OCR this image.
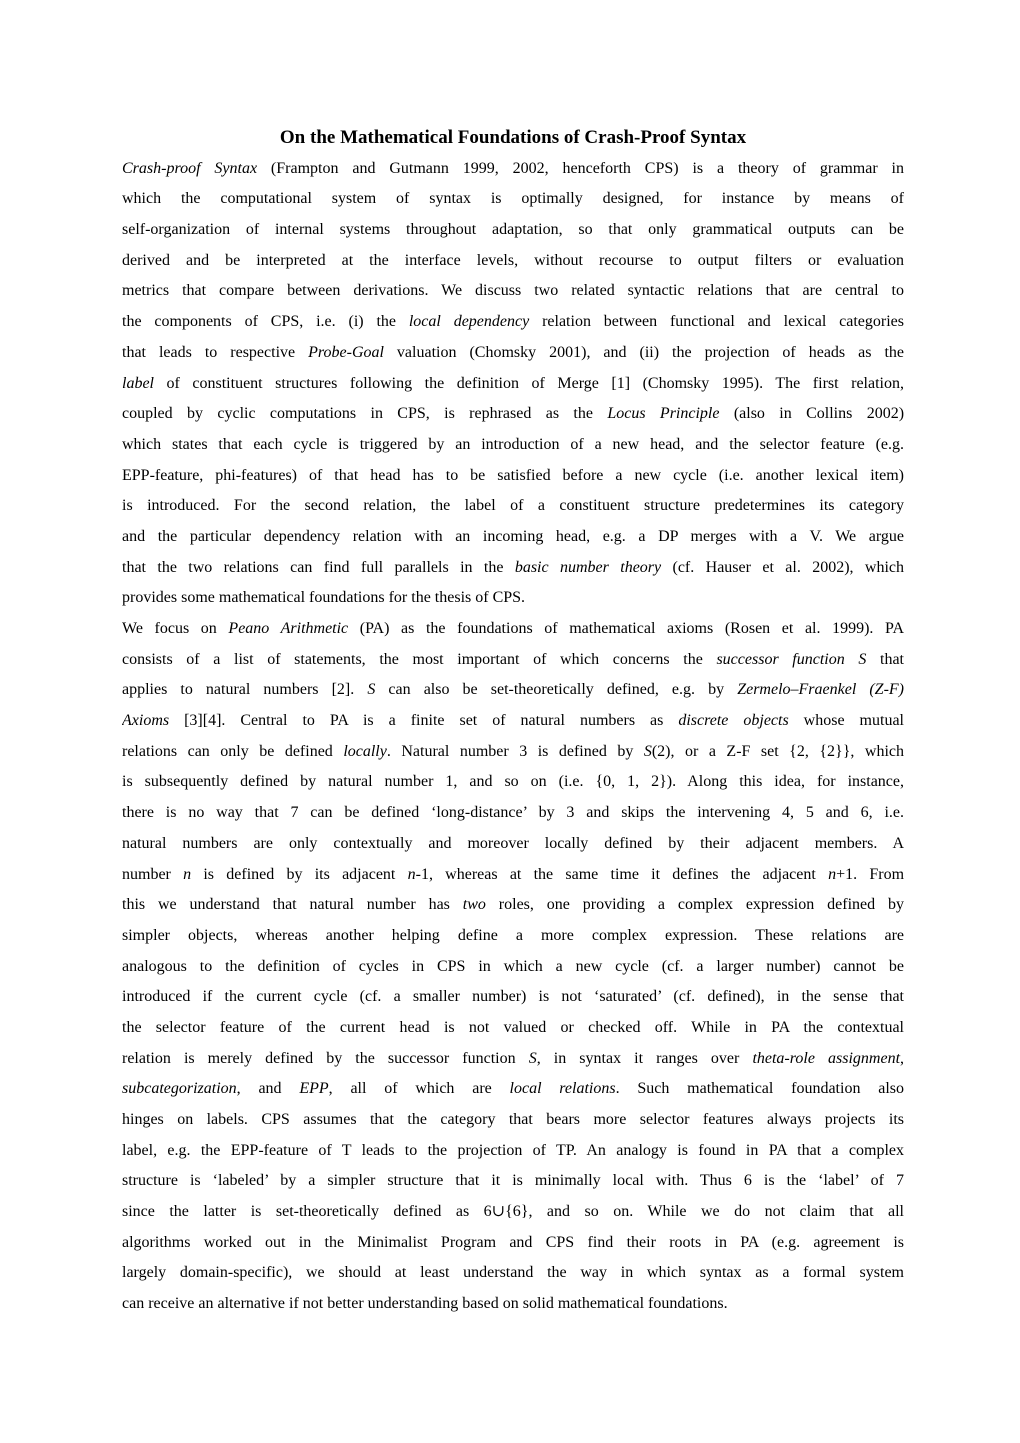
On the Mathematical Foundations of Crash-Proof Syntax
Crash-proof Syntax (Frampton and Gutmann 1999, 2002, henceforth CPS) is a theory of grammar in
which the computational system of syntax is optimally designed, for instance by means of
self-organization of internal systems throughout adaptation, so that only grammatical outputs can be
derived and be interpreted at the interface levels, without recourse to output filters or evaluation
metrics that compare between derivations. We discuss two related syntactic relations that are central to
the components of CPS, i.e. (i) the local dependency relation between functional and lexical categories
that leads to respective Probe-Goal valuation (Chomsky 2001), and (ii) the projection of heads as the
label of constituent structures following the definition of Merge [1] (Chomsky 1995). The first relation,
coupled by cyclic computations in CPS, is rephrased as the Locus Principle (also in Collins 2002)
which states that each cycle is triggered by an introduction of a new head, and the selector feature (e.g.
EPP-feature, phi-features) of that head has to be satisfied before a new cycle (i.e. another lexical item)
is introduced. For the second relation, the label of a constituent structure predetermines its category
and the particular dependency relation with an incoming head, e.g. a DP merges with a V. We argue
that the two relations can find full parallels in the basic number theory (cf. Hauser et al. 2002), which
provides some mathematical foundations for the thesis of CPS.
We focus on Peano Arithmetic (PA) as the foundations of mathematical axioms (Rosen et al. 1999). PA
consists of a list of statements, the most important of which concerns the successor function S that
applies to natural numbers [2]. S can also be set-theoretically defined, e.g. by Zermelo–Fraenkel (Z-F)
Axioms [3][4]. Central to PA is a finite set of natural numbers as discrete objects whose mutual
relations can only be defined locally. Natural number 3 is defined by S(2), or a Z-F set {2, {2}}, which
is subsequently defined by natural number 1, and so on (i.e. {0, 1, 2}). Along this idea, for instance,
there is no way that 7 can be defined ‘long-distance’ by 3 and skips the intervening 4, 5 and 6, i.e.
natural numbers are only contextually and moreover locally defined by their adjacent members. A
number n is defined by its adjacent n-1, whereas at the same time it defines the adjacent n+1. From
this we understand that natural number has two roles, one providing a complex expression defined by
simpler objects, whereas another helping define a more complex expression. These relations are
analogous to the definition of cycles in CPS in which a new cycle (cf. a larger number) cannot be
introduced if the current cycle (cf. a smaller number) is not ‘saturated’ (cf. defined), in the sense that
the selector feature of the current head is not valued or checked off. While in PA the contextual
relation is merely defined by the successor function S, in syntax it ranges over theta-role assignment,
subcategorization, and EPP, all of which are local relations. Such mathematical foundation also
hinges on labels. CPS assumes that the category that bears more selector features always projects its
label, e.g. the EPP-feature of T leads to the projection of TP. An analogy is found in PA that a complex
structure is ‘labeled’ by a simpler structure that it is minimally local with. Thus 6 is the ‘label’ of 7
since the latter is set-theoretically defined as 6∪{6}, and so on. While we do not claim that all
algorithms worked out in the Minimalist Program and CPS find their roots in PA (e.g. agreement is
largely domain-specific), we should at least understand the way in which syntax as a formal system
can receive an alternative if not better understanding based on solid mathematical foundations.
